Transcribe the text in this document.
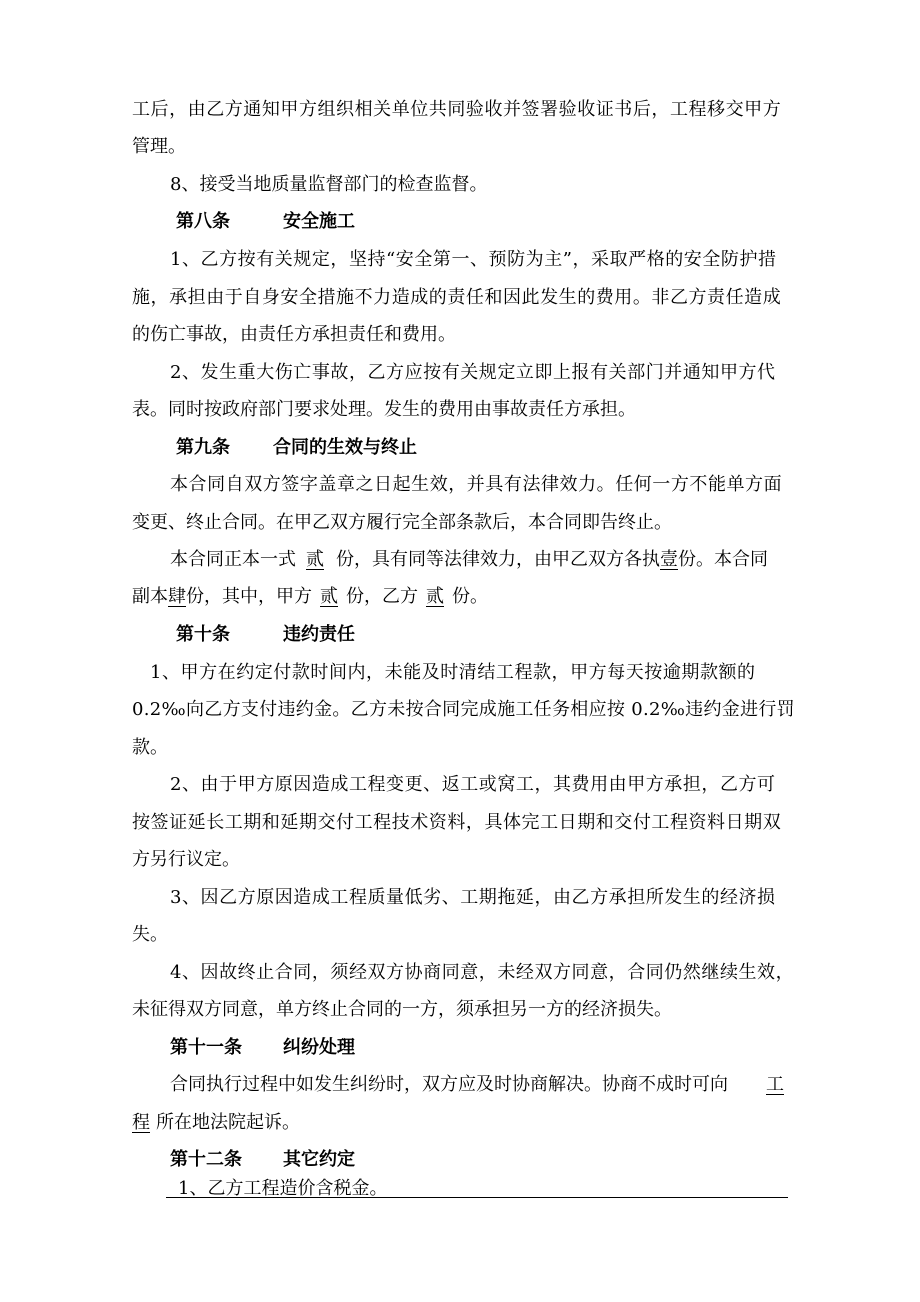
工后，由乙方通知甲方组织相关单位共同验收并签署验收证书后，工程移交甲方
管理。
8、接受当地质量监督部门的检查监督。
第八条	安全施工
1、乙方按有关规定，坚持“安全第一、预防为主”，采取严格的安全防护措
施，承担由于自身安全措施不力造成的责任和因此发生的费用。非乙方责任造成
的伤亡事故，由责任方承担责任和费用。
2、发生重大伤亡事故，乙方应按有关规定立即上报有关部门并通知甲方代
表。同时按政府部门要求处理。发生的费用由事故责任方承担。
第九条 合同的生效与终止
本合同自双方签字盖章之日起生效，并具有法律效力。任何一方不能单方面
变更、终止合同。在甲乙双方履行完全部条款后，本合同即告终止。
本合同正本一式 贰 份，具有同等法律效力，由甲乙双方各执壹份。本合同
副本肆份，其中，甲方 贰 份，乙方 贰 份。
第十条	违约责任
1、甲方在约定付款时间内，未能及时清结工程款，甲方每天按逾期款额的
0.2‰向乙方支付违约金。乙方未按合同完成施工任务相应按 0.2‰违约金进行罚
款。
2、由于甲方原因造成工程变更、返工或窝工，其费用由甲方承担，乙方可
按签证延长工期和延期交付工程技术资料，具体完工日期和交付工程资料日期双
方另行议定。
3、因乙方原因造成工程质量低劣、工期拖延，由乙方承担所发生的经济损
失。
4、因故终止合同，须经双方协商同意，未经双方同意，合同仍然继续生效，
未征得双方同意，单方终止合同的一方，须承担另一方的经济损失。
第十一条 纠纷处理
合同执行过程中如发生纠纷时，双方应及时协商解决。协商不成时可向 工
程 所在地法院起诉。
第十二条 其它约定
1、乙方工程造价含税金。
